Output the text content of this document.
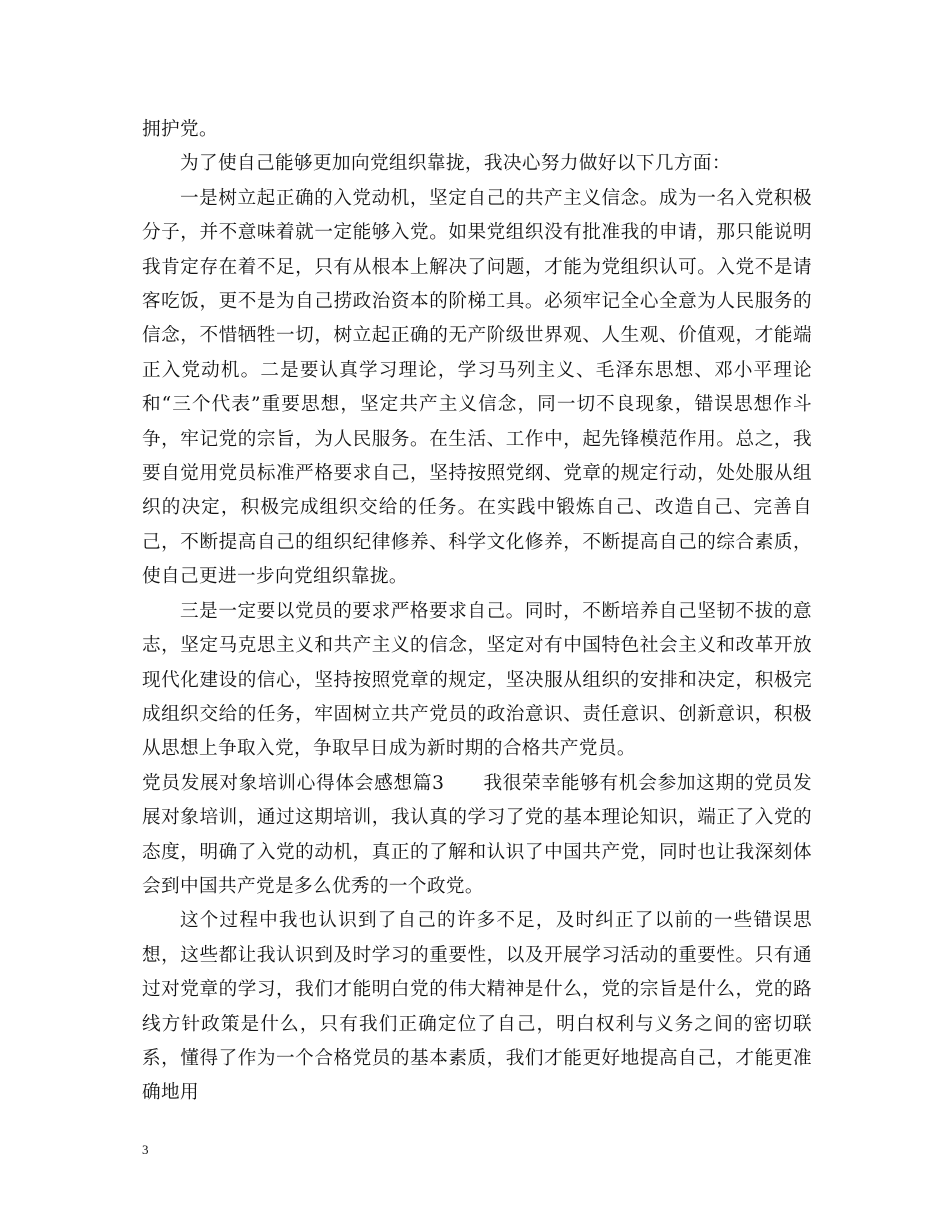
拥护党。

为了使自己能够更加向党组织靠拢，我决心努力做好以下几方面：

一是树立起正确的入党动机，坚定自己的共产主义信念。成为一名入党积极分子，并不意味着就一定能够入党。如果党组织没有批准我的申请，那只能说明我肯定存在着不足，只有从根本上解决了问题，才能为党组织认可。入党不是请客吃饭，更不是为自己捞政治资本的阶梯工具。必须牢记全心全意为人民服务的信念，不惜牺牲一切，树立起正确的无产阶级世界观、人生观、价值观，才能端正入党动机。二是要认真学习理论，学习马列主义、毛泽东思想、邓小平理论和“三个代表”重要思想，坚定共产主义信念，同一切不良现象，错误思想作斗争，牢记党的宗旨，为人民服务。在生活、工作中，起先锋模范作用。总之，我要自觉用党员标准严格要求自己，坚持按照党纲、党章的规定行动，处处服从组织的决定，积极完成组织交给的任务。在实践中锻炼自己、改造自己、完善自己，不断提高自己的组织纪律修养、科学文化修养，不断提高自己的综合素质，使自己更进一步向党组织靠拢。

三是一定要以党员的要求严格要求自己。同时，不断培养自己坚韧不拔的意志，坚定马克思主义和共产主义的信念，坚定对有中国特色社会主义和改革开放现代化建设的信心，坚持按照党章的规定，坚决服从组织的安排和决定，积极完成组织交给的任务，牢固树立共产党员的政治意识、责任意识、创新意识，积极从思想上争取入党，争取早日成为新时期的合格共产党员。

党员发展对象培训心得体会感想篇3　　我很荣幸能够有机会参加这期的党员发展对象培训，通过这期培训，我认真的学习了党的基本理论知识，端正了入党的态度，明确了入党的动机，真正的了解和认识了中国共产党，同时也让我深刻体会到中国共产党是多么优秀的一个政党。

这个过程中我也认识到了自己的许多不足，及时纠正了以前的一些错误思想，这些都让我认识到及时学习的重要性，以及开展学习活动的重要性。只有通过对党章的学习，我们才能明白党的伟大精神是什么，党的宗旨是什么，党的路线方针政策是什么，只有我们正确定位了自己，明白权利与义务之间的密切联系，懂得了作为一个合格党员的基本素质，我们才能更好地提高自己，才能更准确地用

3
